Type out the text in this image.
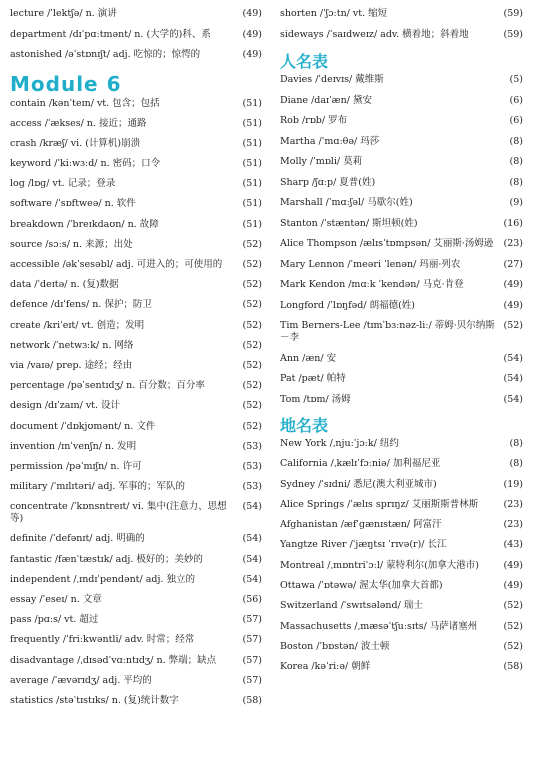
lecture /ˈlektʃə/ n. 演讲	(49)
department /dɪˈpɑːtmənt/ n. (大学的)科、系	(49)
astonished /əˈstɒnɪʃt/ adj. 吃惊的；惊愕的	(49)
Module 6
contain /kənˈteɪn/ vt. 包含；包括	(51)
access /ˈækses/ n. 接近；通路	(51)
crash /kræʃ/ vi. (计算机)崩溃	(51)
keyword /ˈkiːwɜːd/ n. 密码；口令	(51)
log /lɒɡ/ vt. 记录；登录	(51)
software /ˈsɒftweə/ n. 软件	(51)
breakdown /ˈbreɪkdaʊn/ n. 故障	(51)
source /sɔːs/ n. 来源；出处	(52)
accessible /əkˈsesəbl/ adj. 可进入的；可使用的 (52)
data /ˈdeɪtə/ n. (复)数据	(52)
defence /dɪˈfens/ n. 保护；防卫	(52)
create /kriˈeɪt/ vt. 创造；发明	(52)
network /ˈnetwɜːk/ n. 网络	(52)
via /vaɪə/ prep. 途经；经由	(52)
percentage /pəˈsentɪdʒ/ n. 百分数；百分率	(52)
design /dɪˈzaɪn/ vt. 设计	(52)
document /ˈdɒkjʊmənt/ n. 文件	(52)
invention /ɪnˈvenʃn/ n. 发明	(53)
permission /pəˈmɪʃn/ n. 许可	(53)
military /ˈmɪlɪtəri/ adj. 军事的；军队的	(53)
concentrate /ˈkɒnsntreɪt/ vi. 集中(注意力、思想等)
(54)
definite /ˈdefənɪt/ adj. 明确的	(54)
fantastic /fænˈtæstɪk/ adj. 极好的；美妙的	(54)
independent /ˌɪndɪˈpendənt/ adj. 独立的	(54)
essay /ˈeseɪ/ n. 文章	(56)
pass /pɑːs/ vt. 超过	(57)
frequently /ˈfriːkwəntli/ adv. 时常；经常	(57)
disadvantage /ˌdɪsədˈvɑːntɪdʒ/ n. 弊端；缺点	(57)
average /ˈævərɪdʒ/ adj. 平均的	(57)
statistics /stəˈtɪstɪks/ n. (复)统计数字	(58)
shorten /ˈʃɔːtn/ vt. 缩短	(59)
sideways /ˈsaɪdweɪz/ adv. 横着地；斜着地	(59)
人名表
Davies /ˈdeɪvɪs/ 戴维斯	(5)
Diane /daɪˈæn/ 黛安	(6)
Rob /rɒb/ 罗布	(6)
Martha /ˈmɑːθə/ 玛莎	(8)
Molly /ˈmɒli/ 莫莉	(8)
Sharp /ʃɑːp/ 夏普(姓)	(8)
Marshall /ˈmɑːʃəl/ 马歇尔(姓)	(9)
Stanton /ˈstæntən/ 斯坦顿(姓)	(16)
Alice Thompson /ælɪsˈtɒmpsən/ 艾丽斯·汤姆逊 (23)
Mary Lennon /ˈmeəri ˈlenən/ 玛丽·列农	(27)
Mark Kendon /mɑːk ˈkendən/ 马克·肯登	(49)
Longford /ˈlɒŋfəd/ 朗福德(姓)	(49)
Tim Berners-Lee /tɪmˈbɜːnəz-liː/ 蒂姆·贝尔纳斯－李
(52)
Ann /æn/ 安	(54)
Pat /pæt/ 帕特	(54)
Tom /tɒm/ 汤姆	(54)
地名表
New York /ˌnjuːˈjɔːk/ 纽约	(8)
California /ˌkælɪˈfɔːniə/ 加利福尼亚	(8)
Sydney /ˈsɪdni/ 悉尼(澳大利亚城市)	(19)
Alice Springs /ˈælɪs sprɪŋz/ 艾丽斯斯普林斯	(23)
Afghanistan /æfˈɡænɪstæn/ 阿富汗	(23)
Yangtze River /ˈjæŋtsɪ ˈrɪvə(r)/ 长江	(43)
Montreal /ˌmɒntriˈɔːl/ 蒙特利尔(加拿大港市)	(49)
Ottawa /ˈɒtəwə/ 渥太华(加拿大首都)	(49)
Switzerland /ˈswɪtsələnd/ 瑞士	(52)
Massachusetts /ˌmæsəˈtʃuːsɪts/ 马萨诸塞州	(52)
Boston /ˈbɒstən/ 波士顿	(52)
Korea /kəˈriːə/ 朝鲜	(58)
